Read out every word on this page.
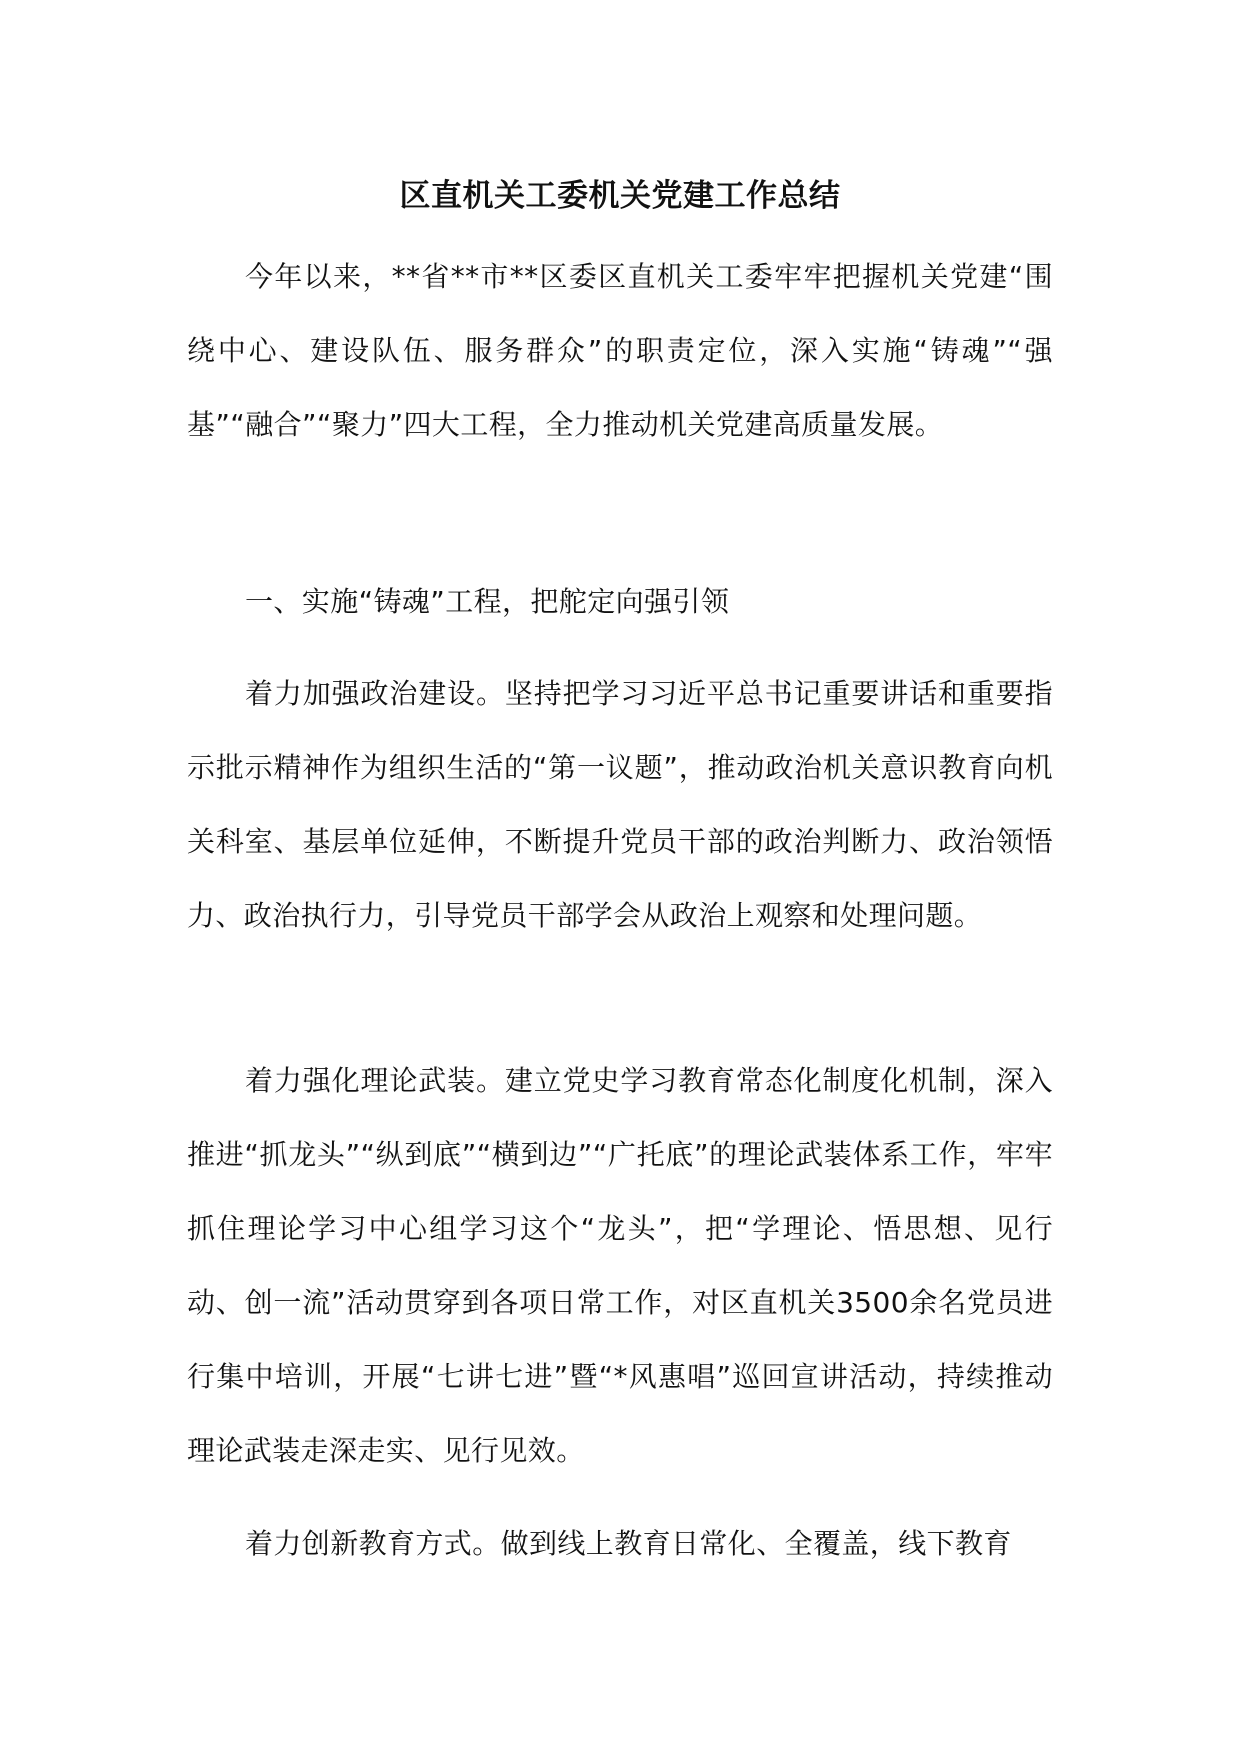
区直机关工委机关党建工作总结

今年以来，**省**市**区委区直机关工委牢牢把握机关党建“围绕中心、建设队伍、服务群众”的职责定位，深入实施“铸魂”“强基”“融合”“聚力”四大工程，全力推动机关党建高质量发展。

一、实施“铸魂”工程，把舵定向强引领

着力加强政治建设。坚持把学习习近平总书记重要讲话和重要指示批示精神作为组织生活的“第一议题”，推动政治机关意识教育向机关科室、基层单位延伸，不断提升党员干部的政治判断力、政治领悟力、政治执行力，引导党员干部学会从政治上观察和处理问题。

着力强化理论武装。建立党史学习教育常态化制度化机制，深入推进“抓龙头”“纵到底”“横到边”“广托底”的理论武装体系工作，牢牢抓住理论学习中心组学习这个“龙头”，把“学理论、悟思想、见行动、创一流”活动贯穿到各项日常工作，对区直机关3500余名党员进行集中培训，开展“七讲七进”暨“*风惠唱”巡回宣讲活动，持续推动理论武装走深走实、见行见效。

着力创新教育方式。做到线上教育日常化、全覆盖，线下教育
